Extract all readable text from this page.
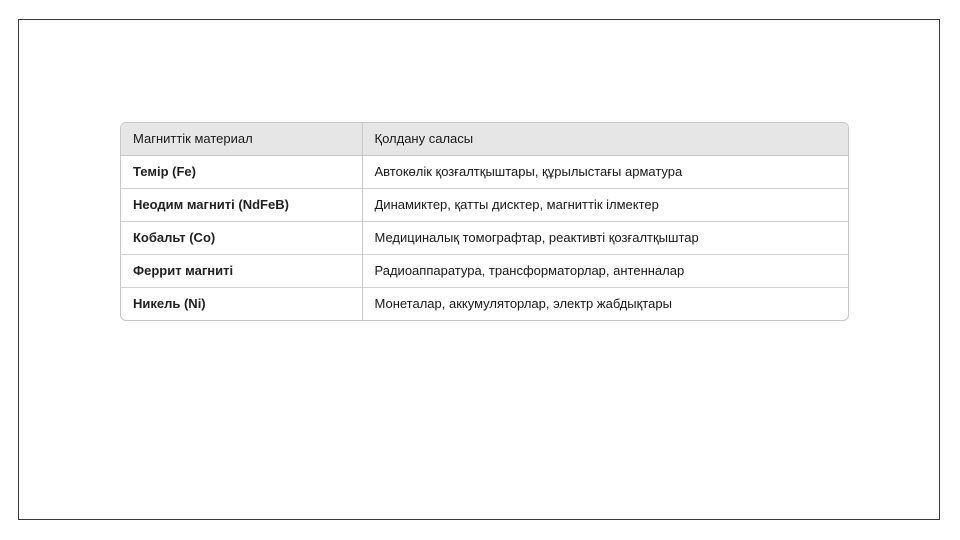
Магниттік материал	Қолдану саласы
Темір (Fe)	Автокөлік қозғалтқыштары, құрылыстағы арматура
Неодим магниті (NdFeB)	Динамиктер, қатты дисктер, магниттік ілмектер
Кобальт (Co)	Медициналық томографтар, реактивті қозғалтқыштар
Феррит магниті	Радиоаппаратура, трансформаторлар, антенналар
Никель (Ni)	Монеталар, аккумуляторлар, электр жабдықтары
